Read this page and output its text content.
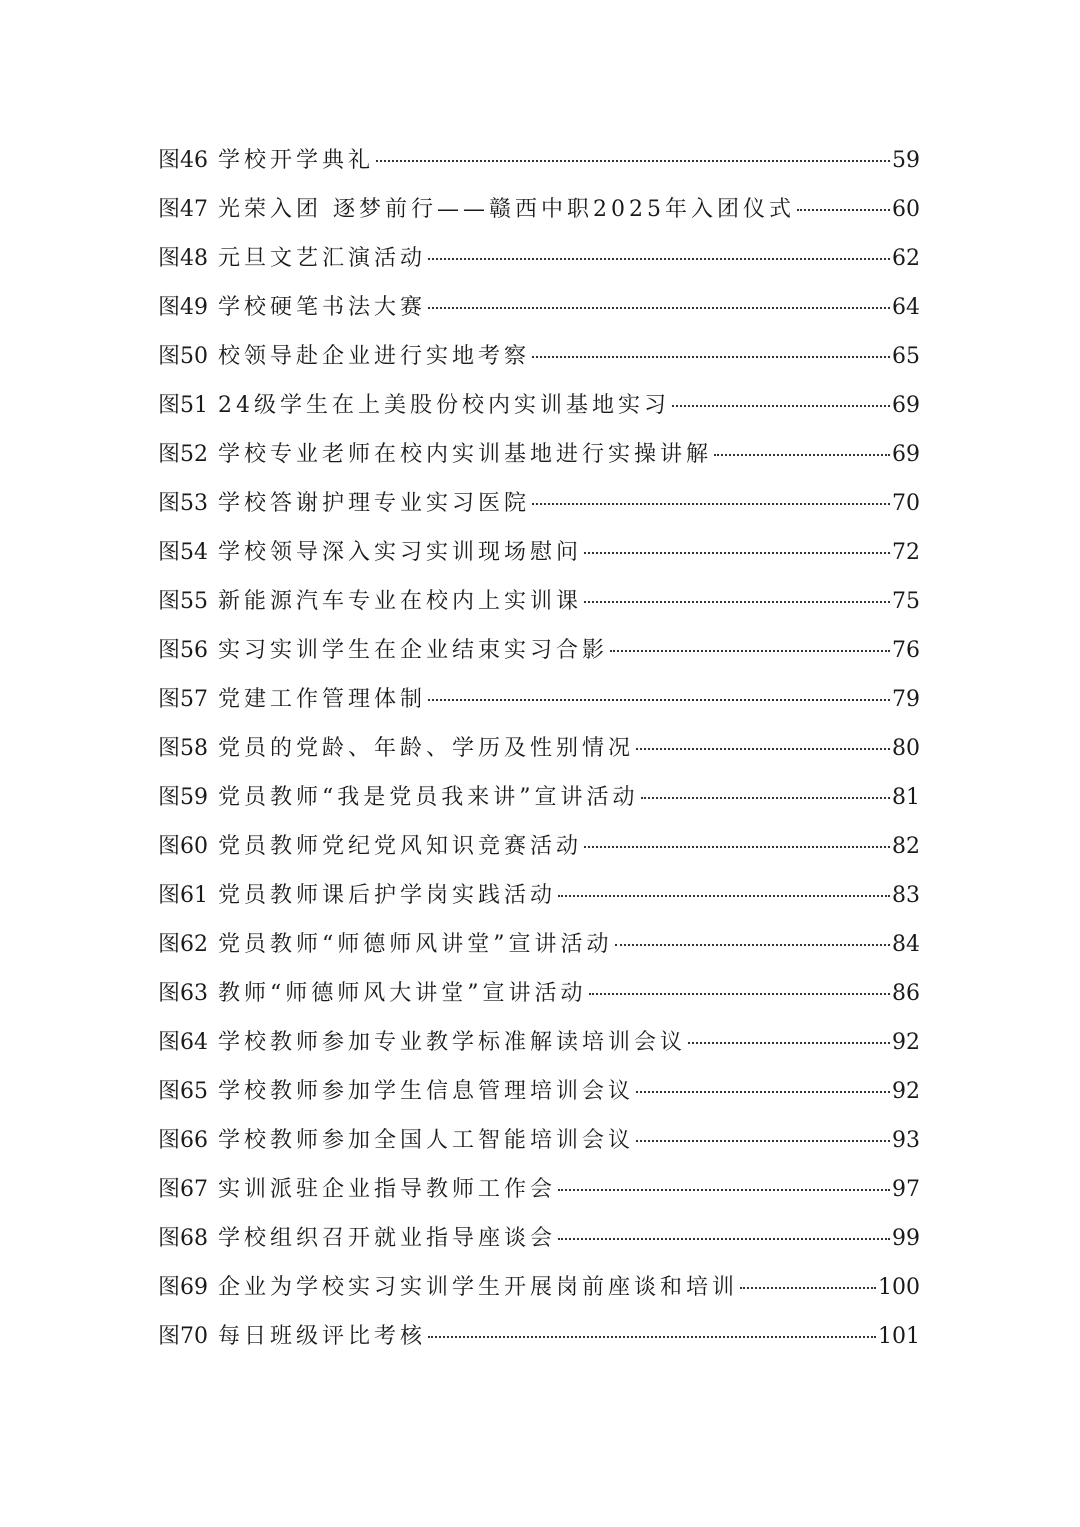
图46 学校开学典礼	59
图47 光荣入团 逐梦前行——赣西中职2025年入团仪式	60
图48 元旦文艺汇演活动	62
图49 学校硬笔书法大赛	64
图50 校领导赴企业进行实地考察	65
图51 24级学生在上美股份校内实训基地实习	69
图52 学校专业老师在校内实训基地进行实操讲解	69
图53 学校答谢护理专业实习医院	70
图54 学校领导深入实习实训现场慰问	72
图55 新能源汽车专业在校内上实训课	75
图56 实习实训学生在企业结束实习合影	76
图57 党建工作管理体制	79
图58 党员的党龄、年龄、学历及性别情况	80
图59 党员教师“我是党员我来讲”宣讲活动	81
图60 党员教师党纪党风知识竞赛活动	82
图61 党员教师课后护学岗实践活动	83
图62 党员教师“师德师风讲堂”宣讲活动	84
图63 教师“师德师风大讲堂”宣讲活动	86
图64 学校教师参加专业教学标准解读培训会议	92
图65 学校教师参加学生信息管理培训会议	92
图66 学校教师参加全国人工智能培训会议	93
图67 实训派驻企业指导教师工作会	97
图68 学校组织召开就业指导座谈会	99
图69 企业为学校实习实训学生开展岗前座谈和培训	100
图70 每日班级评比考核	101
